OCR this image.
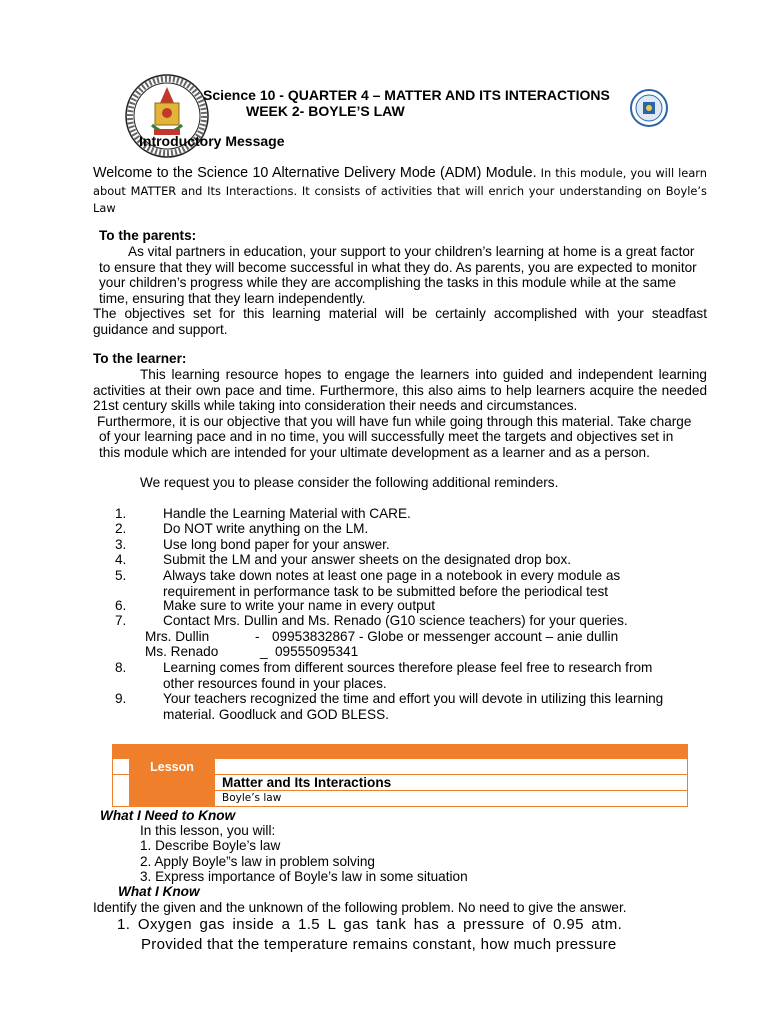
Science 10 - QUARTER 4 – MATTER AND ITS INTERACTIONS
WEEK 2- BOYLE’S LAW
Introductory Message
Welcome to the Science 10 Alternative Delivery Mode (ADM) Module. In this module, you will learn about MATTER and Its Interactions. It consists of activities that will enrich your understanding on Boyle’s Law
To the parents:
As vital partners in education, your support to your children’s learning at home is a great factor
to ensure that they will become successful in what they do. As parents, you are expected to monitor
your children’s progress while they are accomplishing the tasks in this module while at the same
time, ensuring that they learn independently.
The objectives set for this learning material will be certainly accomplished with your steadfast guidance and support.
To the learner:
This learning resource hopes to engage the learners into guided and independent learning activities at their own pace and time. Furthermore, this also aims to help learners acquire the needed 21st century skills while taking into consideration their needs and circumstances.
Furthermore, it is our objective that you will have fun while going through this material. Take charge
of your learning pace and in no time, you will successfully meet the targets and objectives set in
this module which are intended for your ultimate development as a learner and as a person.
We request you to please consider the following additional reminders.
1.	Handle the Learning Material with CARE.
2.	Do NOT write anything on the LM.
3.	Use long bond paper for your answer.
4.	Submit the LM and your answer sheets on the designated drop box.
5.	Always take down notes at least one page in a notebook in every module as requirement in performance task to be submitted before the periodical test
6.	Make sure to write your name in every output
7.	Contact Mrs. Dullin and Ms. Renado (G10 science teachers) for your queries.
Mrs. Dullin	- 09953832867 - Globe or messenger account – anie dullin
Ms. Renado	_ 09555095341
8.	Learning comes from different sources therefore please feel free to research from other resources found in your places.
9.	Your teachers recognized the time and effort you will devote in utilizing this learning material. Goodluck and GOD BLESS.
Lesson
Matter and Its Interactions
Boyle’s law
What I Need to Know
In this lesson, you will:
1. Describe Boyle’s law
2. Apply Boyle”s law in problem solving
3. Express importance of Boyle’s law in some situation
What I Know
Identify the given and the unknown of the following problem. No need to give the answer.
1. Oxygen gas inside a 1.5 L gas tank has a pressure of 0.95 atm.
Provided that the temperature remains constant, how much pressure
